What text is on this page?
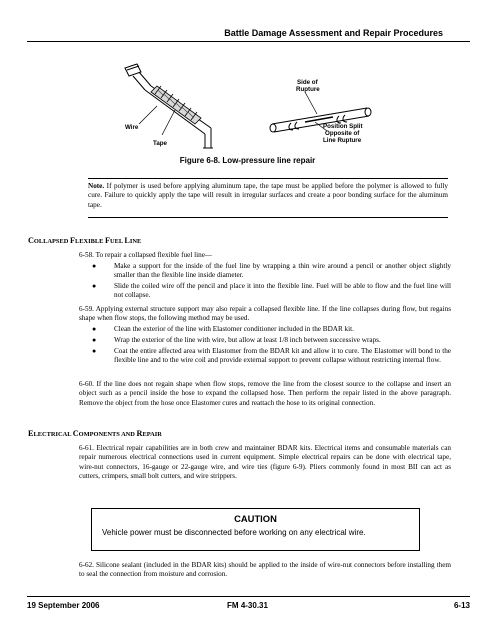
Battle Damage Assessment and Repair Procedures
Side of
Rupture
Wire
Tape
Position Split
Opposite of
Line Rupture
Figure 6-8. Low-pressure line repair
Note. If polymer is used before applying aluminum tape, the tape must be applied before the polymer is allowed to fully cure. Failure to quickly apply the tape will result in irregular surfaces and create a poor bonding surface for the aluminum tape.
COLLAPSED FLEXIBLE FUEL LINE
6-58. To repair a collapsed flexible fuel line—
●	Make a support for the inside of the fuel line by wrapping a thin wire around a pencil or another object slightly smaller than the flexible line inside diameter.
●	Slide the coiled wire off the pencil and place it into the flexible line. Fuel will be able to flow and the fuel line will not collapse.
6-59. Applying external structure support may also repair a collapsed flexible line. If the line collapses during flow, but regains shape when flow stops, the following method may be used.
●	Clean the exterior of the line with Elastomer conditioner included in the BDAR kit.
●	Wrap the exterior of the line with wire, but allow at least 1/8 inch between successive wraps.
●	Coat the entire affected area with Elastomer from the BDAR kit and allow it to cure. The Elastomer will bond to the flexible line and to the wire coil and provide external support to prevent collapse without restricting internal flow.
6-60. If the line does not regain shape when flow stops, remove the line from the closest source to the collapse and insert an object such as a pencil inside the hose to expand the collapsed hose. Then perform the repair listed in the above paragraph. Remove the object from the hose once Elastomer cures and reattach the hose to its original connection.
ELECTRICAL COMPONENTS AND REPAIR
6-61. Electrical repair capabilities are in both crew and maintainer BDAR kits. Electrical items and consumable materials can repair numerous electrical connections used in current equipment. Simple electrical repairs can be done with electrical tape, wire-nut connectors, 16-gauge or 22-gauge wire, and wire ties (figure 6-9). Pliers commonly found in most BII can act as cutters, crimpers, small bolt cutters, and wire strippers.
CAUTION
Vehicle power must be disconnected before working on any electrical wire.
6-62. Silicone sealant (included in the BDAR kits) should be applied to the inside of wire-nut connectors before installing them to seal the connection from moisture and corrosion.
19 September 2006	FM 4-30.31	6-13
